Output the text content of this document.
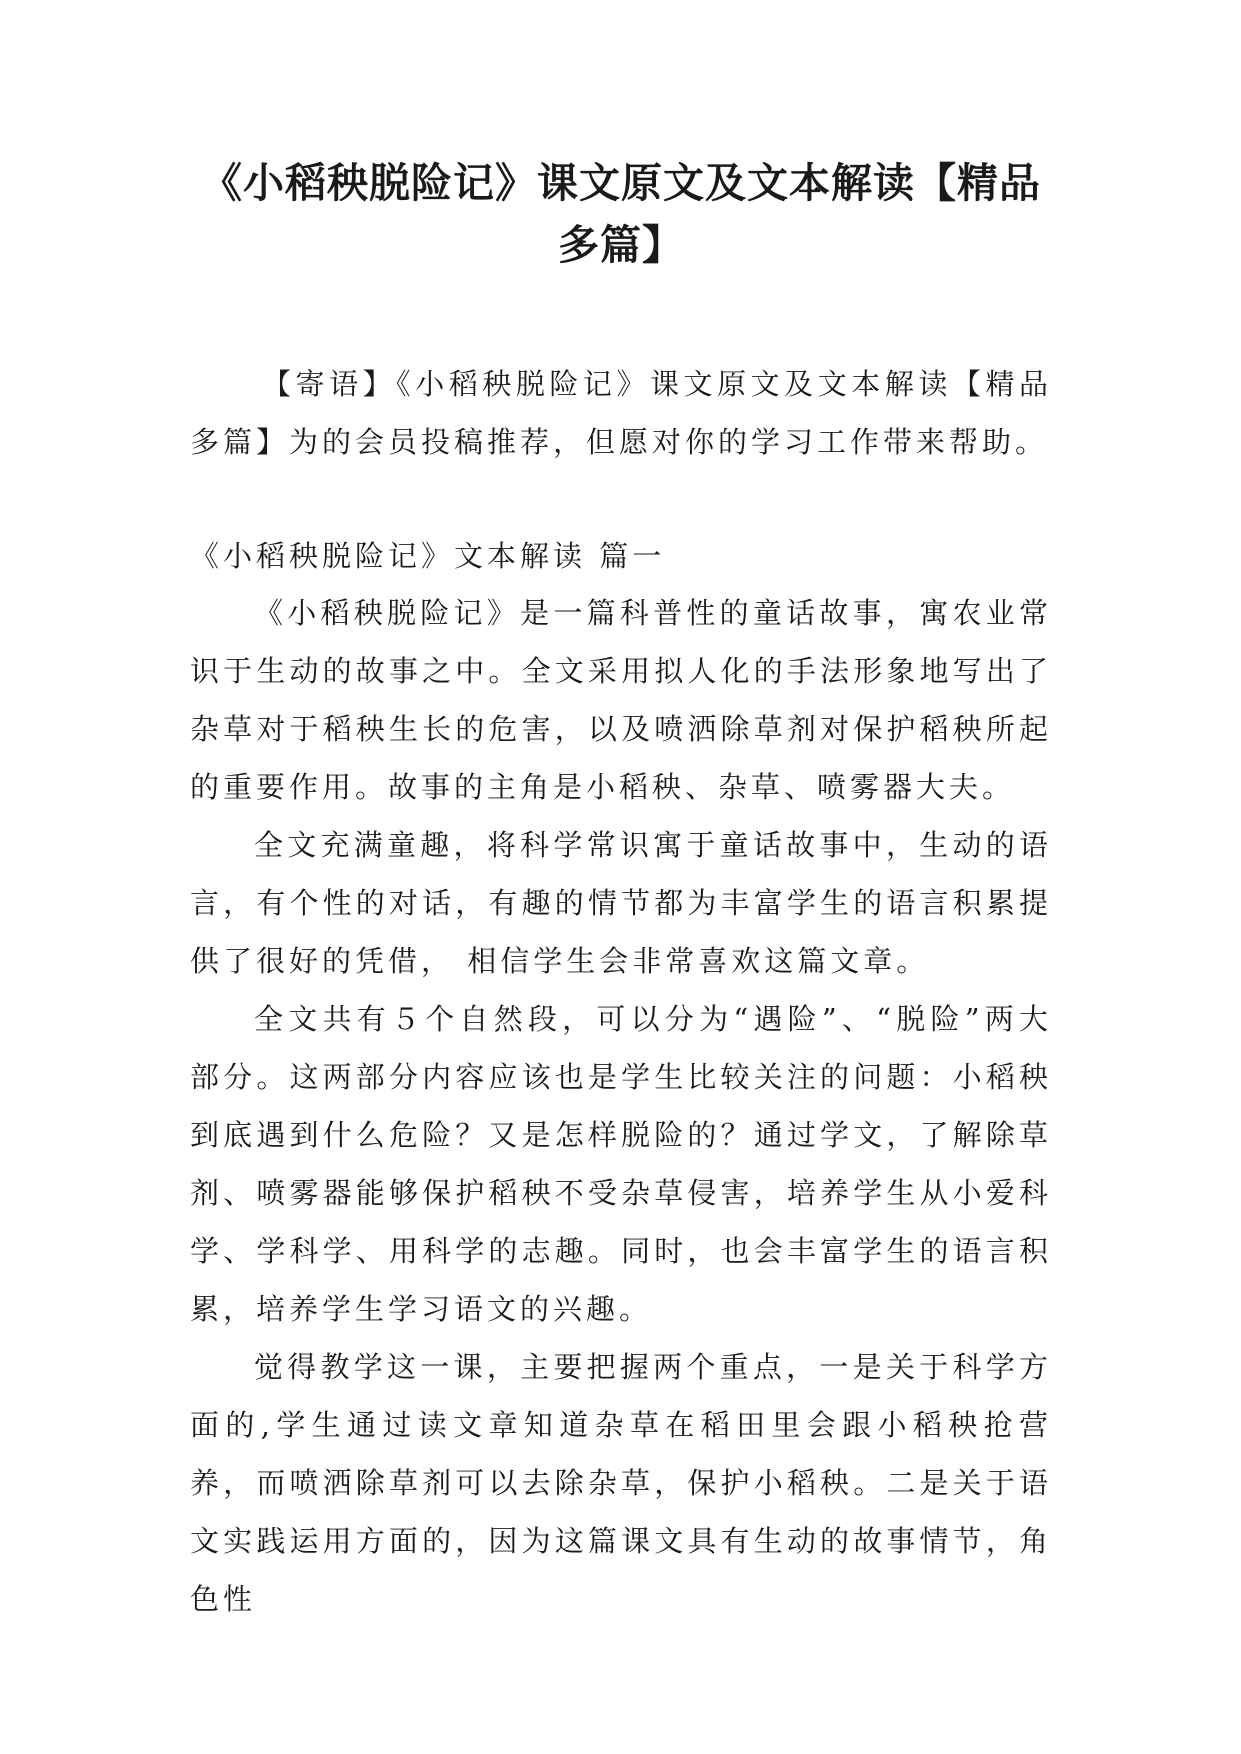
《小稻秧脱险记》课文原文及文本解读【精品多篇】

【寄语】《小稻秧脱险记》课文原文及文本解读【精品多篇】为的会员投稿推荐，但愿对你的学习工作带来帮助。

《小稻秧脱险记》文本解读 篇一

《小稻秧脱险记》是一篇科普性的童话故事，寓农业常识于生动的故事之中。全文采用拟人化的手法形象地写出了杂草对于稻秧生长的危害，以及喷洒除草剂对保护稻秧所起的重要作用。故事的主角是小稻秧、杂草、喷雾器大夫。

全文充满童趣，将科学常识寓于童话故事中，生动的语言，有个性的对话，有趣的情节都为丰富学生的语言积累提供了很好的凭借， 相信学生会非常喜欢这篇文章。

全文共有５个自然段，可以分为“遇险”、“脱险”两大部分。这两部分内容应该也是学生比较关注的问题：小稻秧到底遇到什么危险？又是怎样脱险的？通过学文，了解除草剂、喷雾器能够保护稻秧不受杂草侵害，培养学生从小爱科学、学科学、用科学的志趣。同时，也会丰富学生的语言积累，培养学生学习语文的兴趣。

觉得教学这一课，主要把握两个重点，一是关于科学方面的,学生通过读文章知道杂草在稻田里会跟小稻秧抢营养，而喷洒除草剂可以去除杂草，保护小稻秧。二是关于语文实践运用方面的，因为这篇课文具有生动的故事情节，角色性
